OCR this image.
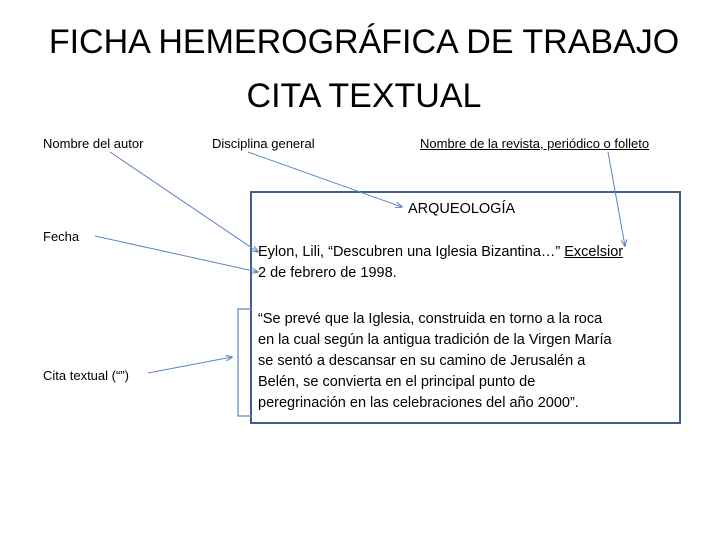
FICHA HEMEROGRÁFICA DE TRABAJO
CITA TEXTUAL
Nombre del autor	Disciplina general	Nombre de la revista, periódico o folleto
Fecha
Cita textual (“”)
ARQUEOLOGÍA
Eylon, Lili, “Descubren una Iglesia Bizantina…” Excelsior
2 de febrero de 1998.
“Se prevé que la Iglesia, construida en torno a la roca
en la cual según la antigua tradición de la Virgen María
se sentó a descansar en su camino de Jerusalén a
Belén, se convierta en el principal punto de
peregrinación en las celebraciones del año 2000”.
